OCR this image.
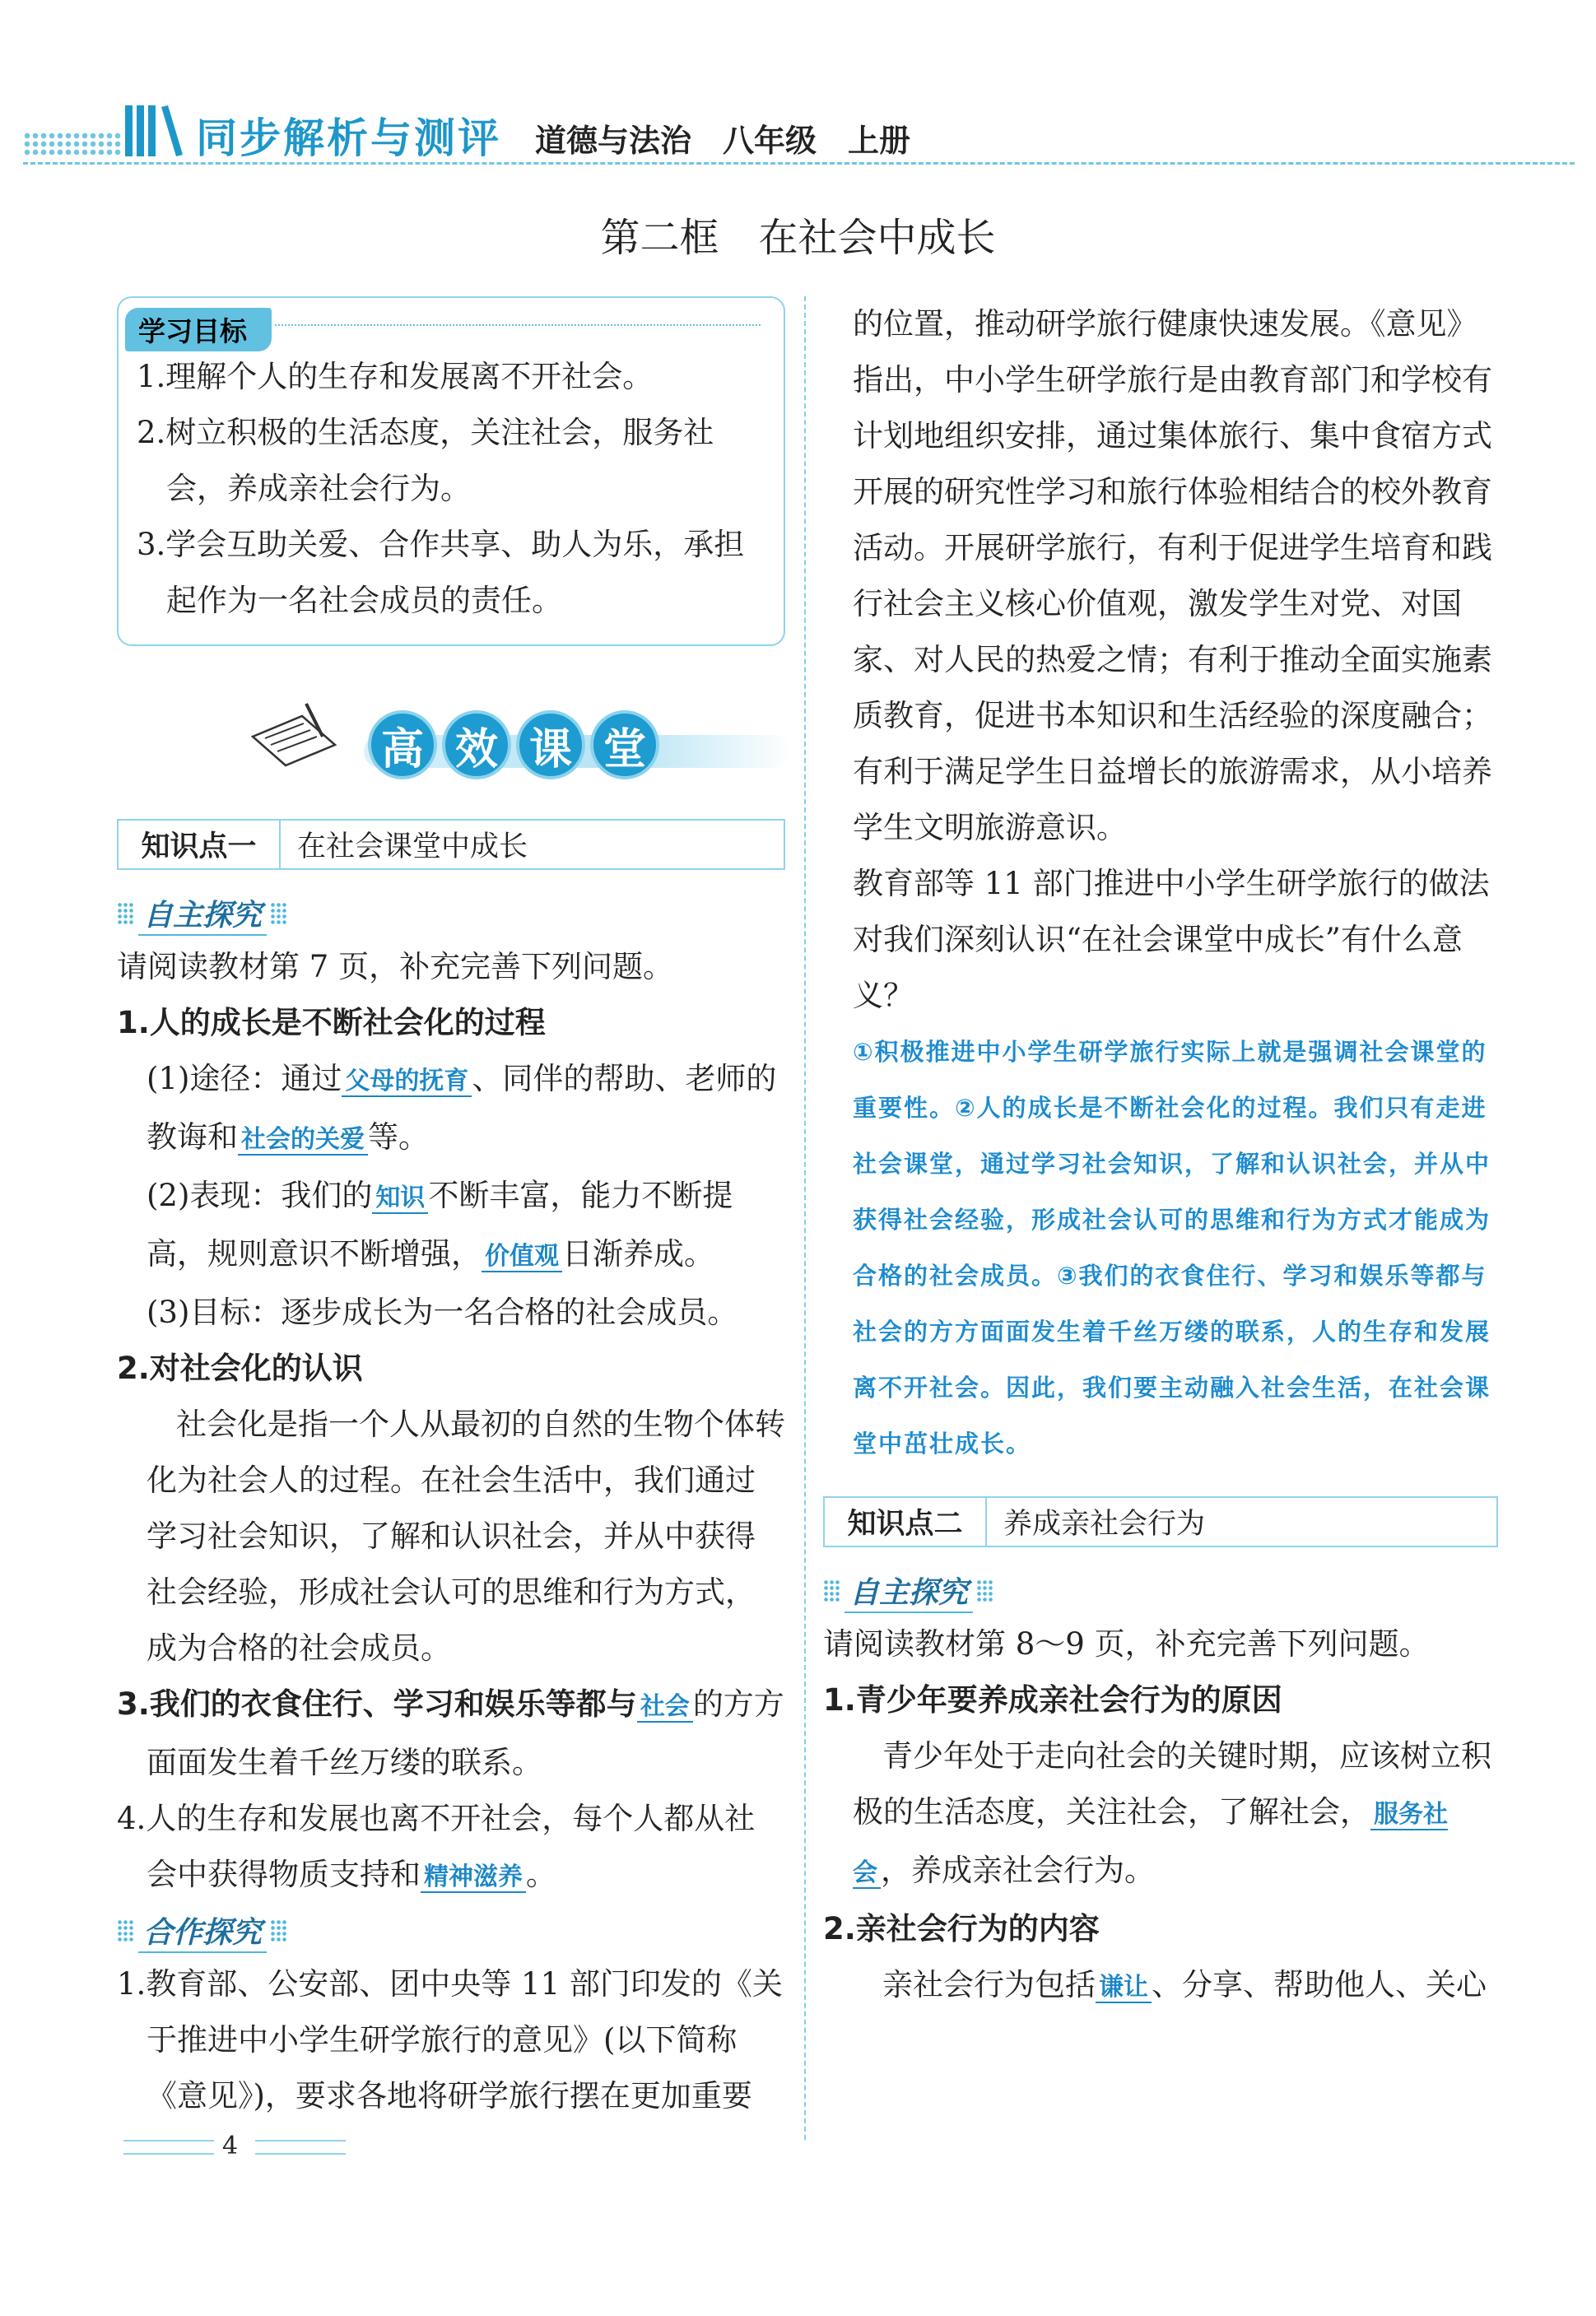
同步解析与测评 道德与法治　八年级　上册
第二框　在社会中成长
学习目标
1.理解个人的生存和发展离不开社会。
2.树立积极的生活态度，关注社会，服务社会，养成亲社会行为。
3.学会互助关爱、合作共享、助人为乐，承担起作为一名社会成员的责任。
高 效 课 堂
知识点一	在社会课堂中成长
自主探究
请阅读教材第 7 页，补充完善下列问题。
1.人的成长是不断社会化的过程
(1)途径：通过 父母的抚育 、同伴的帮助、老师的教诲和 社会的关爱 等。
(2)表现：我们的 知识 不断丰富，能力不断提高，规则意识不断增强， 价值观 日渐养成。
(3)目标：逐步成长为一名合格的社会成员。
2.对社会化的认识
社会化是指一个人从最初的自然的生物个体转化为社会人的过程。在社会生活中，我们通过学习社会知识，了解和认识社会，并从中获得社会经验，形成社会认可的思维和行为方式，成为合格的社会成员。
3.我们的衣食住行、学习和娱乐等都与 社会 的方方面面发生着千丝万缕的联系。
4.人的生存和发展也离不开社会，每个人都从社会中获得物质支持和 精神滋养 。
合作探究
1.教育部、公安部、团中央等 11 部门印发的《关于推进中小学生研学旅行的意见》(以下简称《意见》)，要求各地将研学旅行摆在更加重要
的位置，推动研学旅行健康快速发展。《意见》指出，中小学生研学旅行是由教育部门和学校有计划地组织安排，通过集体旅行、集中食宿方式开展的研究性学习和旅行体验相结合的校外教育活动。开展研学旅行，有利于促进学生培育和践行社会主义核心价值观，激发学生对党、对国家、对人民的热爱之情；有利于推动全面实施素质教育，促进书本知识和生活经验的深度融合；有利于满足学生日益增长的旅游需求，从小培养学生文明旅游意识。
教育部等 11 部门推进中小学生研学旅行的做法对我们深刻认识“在社会课堂中成长”有什么意义？
①积极推进中小学生研学旅行实际上就是强调社会课堂的重要性。②人的成长是不断社会化的过程。我们只有走进社会课堂，通过学习社会知识，了解和认识社会，并从中获得社会经验，形成社会认可的思维和行为方式才能成为合格的社会成员。③我们的衣食住行、学习和娱乐等都与社会的方方面面发生着千丝万缕的联系，人的生存和发展离不开社会。因此，我们要主动融入社会生活，在社会课堂中茁壮成长。
知识点二	养成亲社会行为
自主探究
请阅读教材第 8～9 页，补充完善下列问题。
1.青少年要养成亲社会行为的原因
青少年处于走向社会的关键时期，应该树立积极的生活态度，关注社会，了解社会， 服务社会 ，养成亲社会行为。
2.亲社会行为的内容
亲社会行为包括 谦让 、分享、帮助他人、关心
4
